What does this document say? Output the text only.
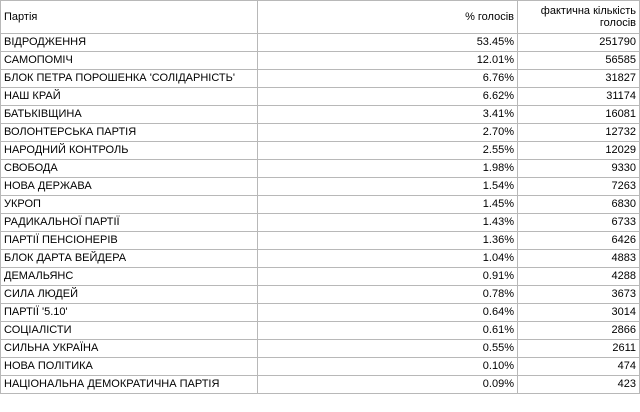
Партія	% голосів	фактична кількість голосів
ВІДРОДЖЕННЯ	53.45%	251790
САМОПОМІЧ	12.01%	56585
БЛОК ПЕТРА ПОРОШЕНКА 'СОЛІДАРНІСТЬ'	6.76%	31827
НАШ КРАЙ	6.62%	31174
БАТЬКІВЩИНА	3.41%	16081
ВОЛОНТЕРСЬКА ПАРТІЯ	2.70%	12732
НАРОДНИЙ КОНТРОЛЬ	2.55%	12029
СВОБОДА	1.98%	9330
НОВА ДЕРЖАВА	1.54%	7263
УКРОП	1.45%	6830
РАДИКАЛЬНОЇ ПАРТІЇ	1.43%	6733
ПАРТІЇ ПЕНСІОНЕРІВ	1.36%	6426
БЛОК ДАРТА ВЕЙДЕРА	1.04%	4883
ДЕМАЛЬЯНС	0.91%	4288
СИЛА ЛЮДЕЙ	0.78%	3673
ПАРТІЇ '5.10'	0.64%	3014
СОЦІАЛІСТИ	0.61%	2866
СИЛЬНА УКРАЇНА	0.55%	2611
НОВА ПОЛІТИКА	0.10%	474
НАЦІОНАЛЬНА ДЕМОКРАТИЧНА ПАРТІЯ	0.09%	423
